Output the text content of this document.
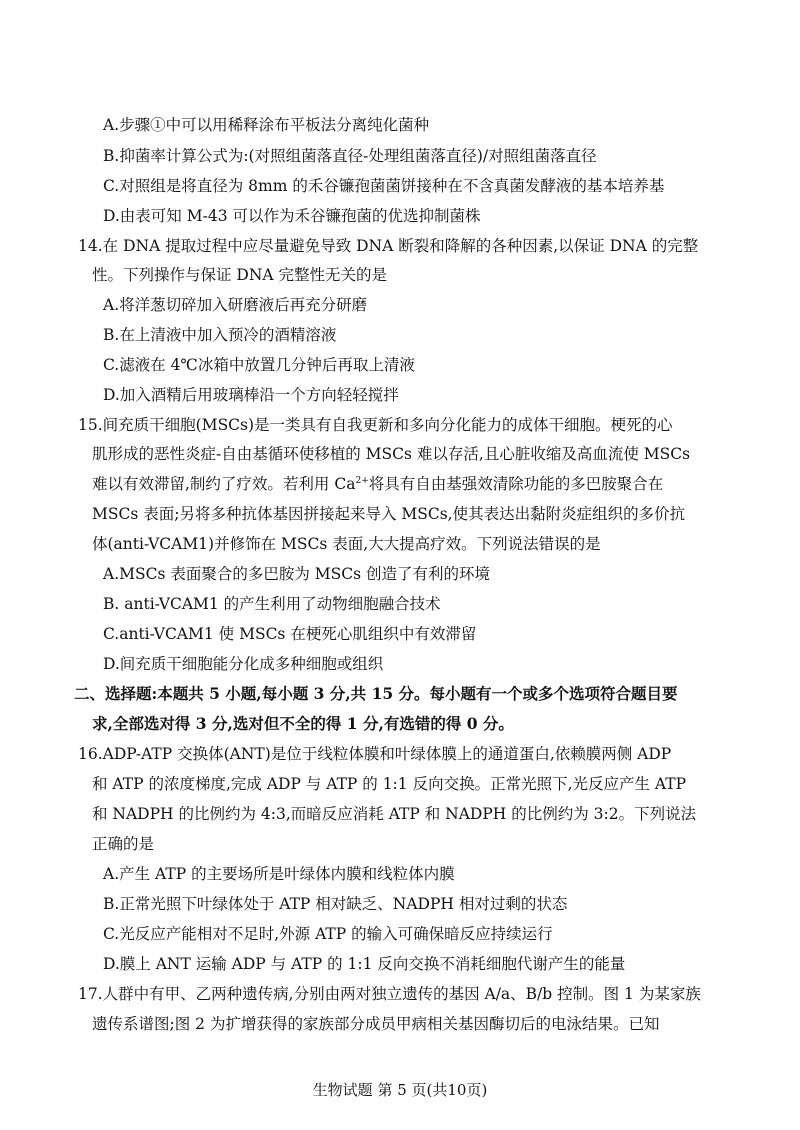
A.步骤①中可以用稀释涂布平板法分离纯化菌种
B.抑菌率计算公式为:(对照组菌落直径-处理组菌落直径)/对照组菌落直径
C.对照组是将直径为 8mm 的禾谷镰孢菌菌饼接种在不含真菌发酵液的基本培养基
D.由表可知 M-43 可以作为禾谷镰孢菌的优选抑制菌株
14.在 DNA 提取过程中应尽量避免导致 DNA 断裂和降解的各种因素,以保证 DNA 的完整
性。下列操作与保证 DNA 完整性无关的是
A.将洋葱切碎加入研磨液后再充分研磨
B.在上清液中加入预冷的酒精溶液
C.滤液在 4℃冰箱中放置几分钟后再取上清液
D.加入酒精后用玻璃棒沿一个方向轻轻搅拌
15.间充质干细胞(MSCs)是一类具有自我更新和多向分化能力的成体干细胞。梗死的心
肌形成的恶性炎症-自由基循环使移植的 MSCs 难以存活,且心脏收缩及高血流使 MSCs
难以有效滞留,制约了疗效。若利用 $Ca^{2+}$将具有自由基强效清除功能的多巴胺聚合在
MSCs 表面;另将多种抗体基因拼接起来导入 MSCs,使其表达出黏附炎症组织的多价抗
体(anti-VCAM1)并修饰在 MSCs 表面,大大提高疗效。下列说法错误的是
A.MSCs 表面聚合的多巴胺为 MSCs 创造了有利的环境
B. anti-VCAM1 的产生利用了动物细胞融合技术
C.anti-VCAM1 使 MSCs 在梗死心肌组织中有效滞留
D.间充质干细胞能分化成多种细胞或组织
二、选择题:本题共 5 小题,每小题 3 分,共 15 分。每小题有一个或多个选项符合题目要
求,全部选对得 3 分,选对但不全的得 1 分,有选错的得 0 分。
16.ADP-ATP 交换体(ANT)是位于线粒体膜和叶绿体膜上的通道蛋白,依赖膜两侧 ADP
和 ATP 的浓度梯度,完成 ADP 与 ATP 的 1:1 反向交换。正常光照下,光反应产生 ATP
和 NADPH 的比例约为 4:3,而暗反应消耗 ATP 和 NADPH 的比例约为 3:2。下列说法
正确的是
A.产生 ATP 的主要场所是叶绿体内膜和线粒体内膜
B.正常光照下叶绿体处于 ATP 相对缺乏、NADPH 相对过剩的状态
C.光反应产能相对不足时,外源 ATP 的输入可确保暗反应持续运行
D.膜上 ANT 运输 ADP 与 ATP 的 1:1 反向交换不消耗细胞代谢产生的能量
17.人群中有甲、乙两种遗传病,分别由两对独立遗传的基因 A/a、B/b 控制。图 1 为某家族
遗传系谱图;图 2 为扩增获得的家族部分成员甲病相关基因酶切后的电泳结果。已知
生物试题 第 5 页(共10页)
